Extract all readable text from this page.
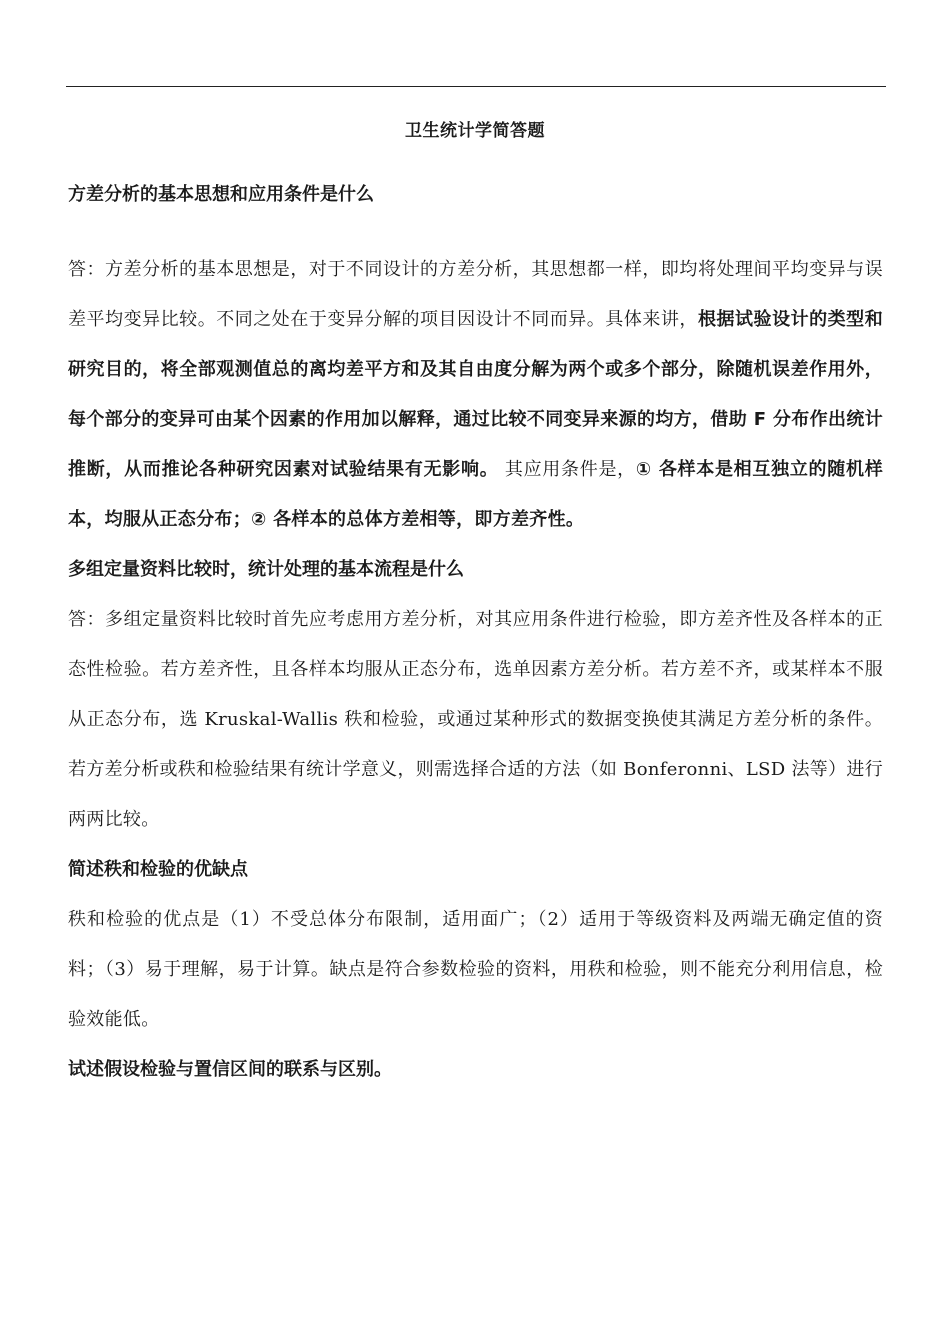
卫生统计学简答题

方差分析的基本思想和应用条件是什么

答：方差分析的基本思想是，对于不同设计的方差分析，其思想都一样，即均将处理间平均变异与误差平均变异比较。不同之处在于变异分解的项目因设计不同而异。具体来讲，根据试验设计的类型和研究目的，将全部观测值总的离均差平方和及其自由度分解为两个或多个部分，除随机误差作用外，每个部分的变异可由某个因素的作用加以解释，通过比较不同变异来源的均方，借助 F 分布作出统计推断，从而推论各种研究因素对试验结果有无影响。 其应用条件是，① 各样本是相互独立的随机样本，均服从正态分布；② 各样本的总体方差相等，即方差齐性。

多组定量资料比较时，统计处理的基本流程是什么

答：多组定量资料比较时首先应考虑用方差分析，对其应用条件进行检验，即方差齐性及各样本的正态性检验。若方差齐性，且各样本均服从正态分布，选单因素方差分析。若方差不齐，或某样本不服从正态分布，选 Kruskal-Wallis 秩和检验，或通过某种形式的数据变换使其满足方差分析的条件。若方差分析或秩和检验结果有统计学意义，则需选择合适的方法（如 Bonferonni、LSD 法等）进行两两比较。

简述秩和检验的优缺点

秩和检验的优点是（1）不受总体分布限制，适用面广；（2）适用于等级资料及两端无确定值的资料；（3）易于理解，易于计算。缺点是符合参数检验的资料，用秩和检验，则不能充分利用信息，检验效能低。

试述假设检验与置信区间的联系与区别。
